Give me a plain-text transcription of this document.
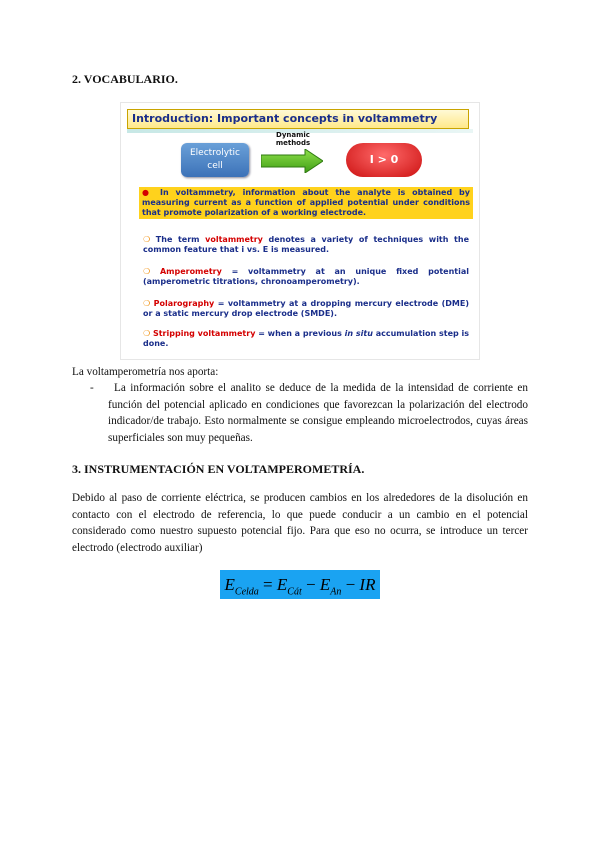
2. VOCABULARIO.
Introduction: Important concepts in voltammetry
Electrolytic
cell
Dynamic
methods
I > 0
● In voltammetry, information about the analyte is obtained by measuring current as a function of applied potential under conditions that promote polarization of a working electrode.
❍ The term voltammetry denotes a variety of techniques with the common feature that i vs. E is measured.
❍ Amperometry = voltammetry at an unique fixed potential (amperometric titrations, chronoamperometry).
❍ Polarography = voltammetry at a dropping mercury electrode (DME) or a static mercury drop electrode (SMDE).
❍ Stripping voltammetry = when a previous in situ accumulation step is done.
La voltamperometría nos aporta:
-	La información sobre el analito se deduce de la medida de la intensidad de corriente en función del potencial aplicado en condiciones que favorezcan la polarización del electrodo indicador/de trabajo. Esto normalmente se consigue empleando microelectrodos, cuyas áreas superficiales son muy pequeñas.
3. INSTRUMENTACIÓN EN VOLTAMPEROMETRÍA.
Debido al paso de corriente eléctrica, se producen cambios en los alrededores de la disolución en contacto con el electrodo de referencia, lo que puede conducir a un cambio en el potencial considerado como nuestro supuesto potencial fijo. Para que eso no ocurra, se introduce un tercer electrodo (electrodo auxiliar)
$E_{Celda} = E_{Cát} - E_{An}$ − IR
